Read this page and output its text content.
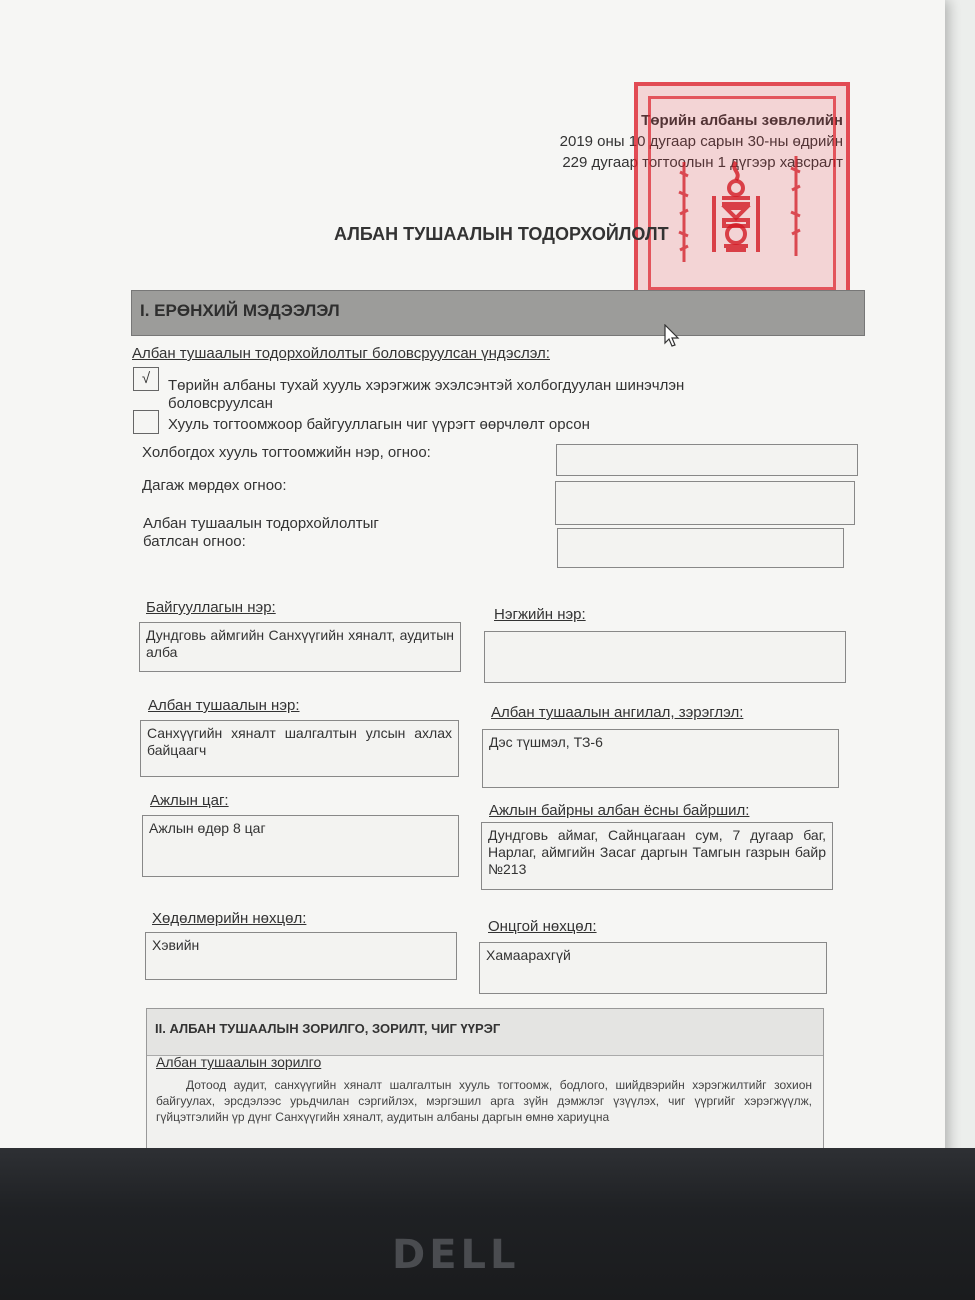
Төрийн албаны зөвлөлийн
2019 оны 10 дугаар сарын 30-ны өдрийн
229 дугаар тогтоолын 1 дүгээр хавсралт
АЛБАН ТУШААЛЫН ТОДОРХОЙЛОЛТ
I. ЕРӨНХИЙ МЭДЭЭЛЭЛ
Албан тушаалын тодорхойлолтыг боловсруулсан үндэслэл:
√	Төрийн албаны тухай хууль хэрэгжиж эхэлсэнтэй холбогдуулан шинэчлэн боловсруулсан
Хууль тогтоомжоор байгууллагын чиг үүрэгт өөрчлөлт орсон
Холбогдох хууль тогтоомжийн нэр, огноо:
Дагаж мөрдөх огноо:
Албан тушаалын тодорхойлолтыг батлсан огноо:
Байгууллагын нэр:
Дундговь аймгийн Санхүүгийн хяналт, аудитын алба
Нэгжийн нэр:
Албан тушаалын нэр:
Санхүүгийн хяналт шалгалтын улсын ахлах байцаагч
Албан тушаалын ангилал, зэрэглэл:
Дэс түшмэл, ТЗ-6
Ажлын цаг:
Ажлын өдөр 8 цаг
Ажлын байрны албан ёсны байршил:
Дундговь аймаг, Сайнцагаан сум, 7 дугаар баг, Нарлаг, аймгийн Засаг даргын Тамгын газрын байр №213
Хөдөлмөрийн нөхцөл:
Хэвийн
Онцгой нөхцөл:
Хамаарахгүй
II. АЛБАН ТУШААЛЫН ЗОРИЛГО, ЗОРИЛТ, ЧИГ ҮҮРЭГ
Албан тушаалын зорилго
Дотоод аудит, санхүүгийн хяналт шалгалтын хууль тогтоомж, бодлого, шийдвэрийн хэрэгжилтийг зохион байгуулах, эрсдэлээс урьдчилан сэргийлэх, мэргэшил арга зүйн дэмжлэг үзүүлэх, чиг үүргийг хэрэгжүүлж, гүйцэтгэлийн үр дүнг Санхүүгийн хяналт, аудитын албаны даргын өмнө хариуцна
DELL
